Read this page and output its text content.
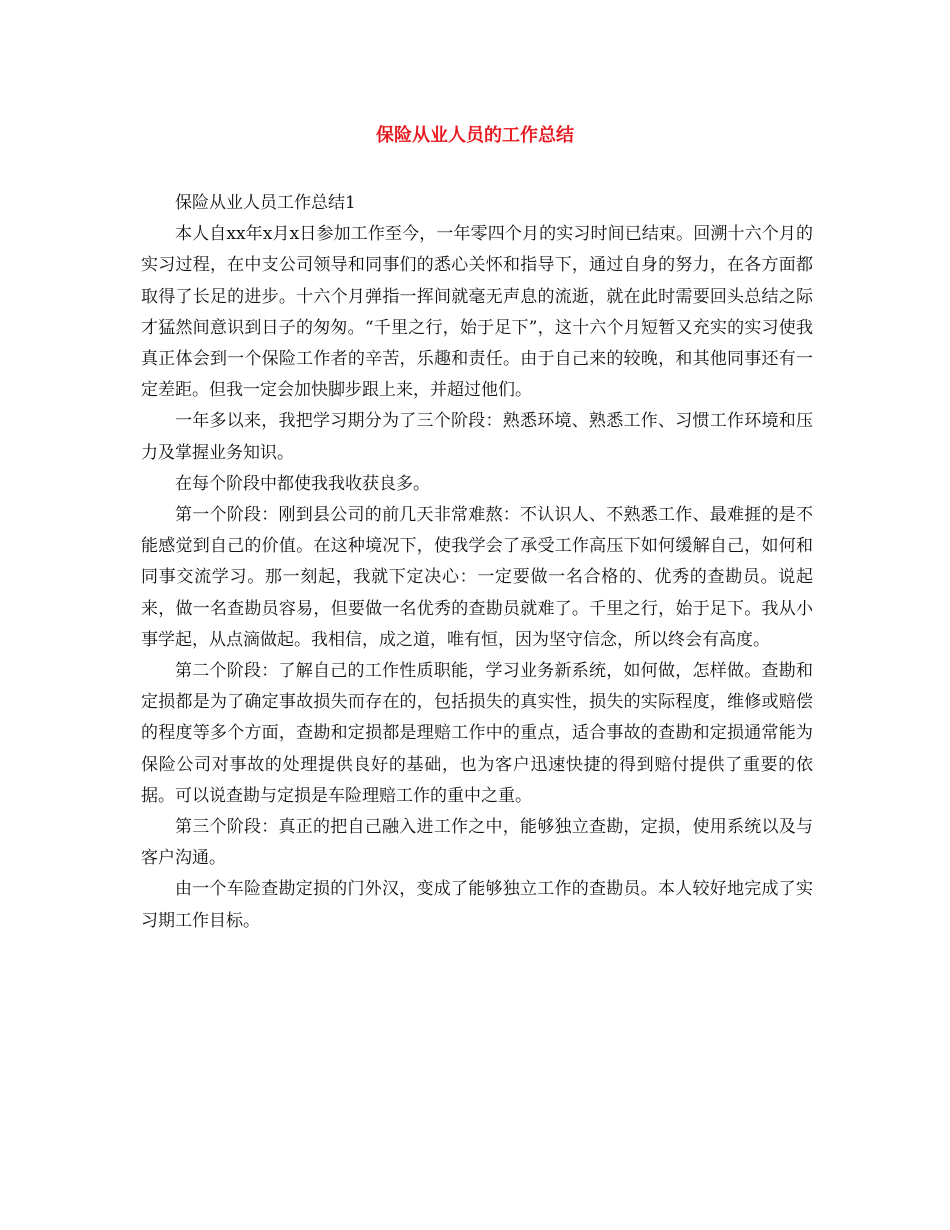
保险从业人员的工作总结

保险从业人员工作总结1

本人自xx年x月x日参加工作至今，一年零四个月的实习时间已结束。回溯十六个月的实习过程，在中支公司领导和同事们的悉心关怀和指导下，通过自身的努力，在各方面都取得了长足的进步。十六个月弹指一挥间就毫无声息的流逝，就在此时需要回头总结之际才猛然间意识到日子的匆匆。“千里之行，始于足下”，这十六个月短暂又充实的实习使我真正体会到一个保险工作者的辛苦，乐趣和责任。由于自己来的较晚，和其他同事还有一定差距。但我一定会加快脚步跟上来，并超过他们。

一年多以来，我把学习期分为了三个阶段：熟悉环境、熟悉工作、习惯工作环境和压力及掌握业务知识。

在每个阶段中都使我我收获良多。

第一个阶段：刚到县公司的前几天非常难熬：不认识人、不熟悉工作、最难捱的是不能感觉到自己的价值。在这种境况下，使我学会了承受工作高压下如何缓解自己，如何和同事交流学习。那一刻起，我就下定决心：一定要做一名合格的、优秀的查勘员。说起来，做一名查勘员容易，但要做一名优秀的查勘员就难了。千里之行，始于足下。我从小事学起，从点滴做起。我相信，成之道，唯有恒，因为坚守信念，所以终会有高度。

第二个阶段：了解自己的工作性质职能，学习业务新系统，如何做，怎样做。查勘和定损都是为了确定事故损失而存在的，包括损失的真实性，损失的实际程度，维修或赔偿的程度等多个方面，查勘和定损都是理赔工作中的重点，适合事故的查勘和定损通常能为保险公司对事故的处理提供良好的基础，也为客户迅速快捷的得到赔付提供了重要的依据。可以说查勘与定损是车险理赔工作的重中之重。

第三个阶段：真正的把自己融入进工作之中，能够独立查勘，定损，使用系统以及与客户沟通。

由一个车险查勘定损的门外汉，变成了能够独立工作的查勘员。本人较好地完成了实习期工作目标。
